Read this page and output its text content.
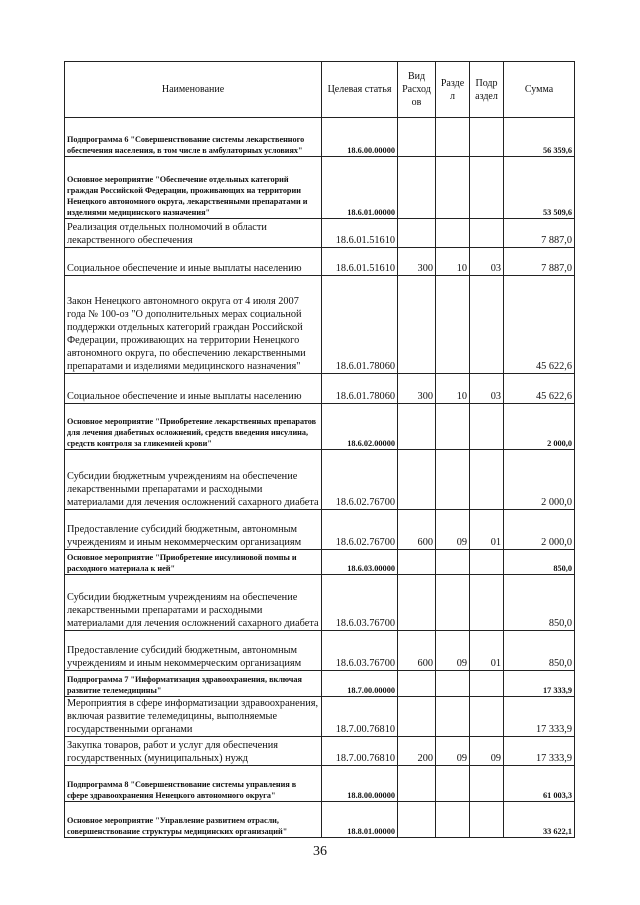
Наименование	Целевая статья	Вид Расход ов	Разде л	Подр аздел	Сумма
Подпрограмма 6 "Совершенствование системы лекарственного обеспечения населения, в том числе в амбулаторных условиях"	18.6.00.00000				56 359,6
Основное мероприятие "Обеспечение отдельных категорий граждан Российской Федерации, проживающих на территории Ненецкого автономного округа, лекарственными препаратами и изделиями медицинского назначения"	18.6.01.00000				53 509,6
Реализация отдельных полномочий в области лекарственного обеспечения	18.6.01.51610				7 887,0
Социальное обеспечение и иные выплаты населению	18.6.01.51610	300	10	03	7 887,0
Закон Ненецкого автономного округа от 4 июля 2007 года № 100-оз "О дополнительных мерах социальной поддержки отдельных категорий граждан Российской Федерации, проживающих на территории Ненецкого автономного округа, по обеспечению лекарственными препаратами и изделиями медицинского назначения"	18.6.01.78060				45 622,6
Социальное обеспечение и иные выплаты населению	18.6.01.78060	300	10	03	45 622,6
Основное мероприятие "Приобретение лекарственных препаратов для лечения диабетных осложнений, средств введения инсулина, средств контроля за гликемией крови"	18.6.02.00000				2 000,0
Субсидии бюджетным учреждениям на обеспечение лекарственными препаратами и расходными материалами для лечения осложнений сахарного диабета	18.6.02.76700				2 000,0
Предоставление субсидий бюджетным, автономным учреждениям и иным некоммерческим организациям	18.6.02.76700	600	09	01	2 000,0
Основное мероприятие "Приобретение инсулиновой помпы и расходного материала к ней"	18.6.03.00000				850,0
Субсидии бюджетным учреждениям на обеспечение лекарственными препаратами и расходными материалами для лечения осложнений сахарного диабета	18.6.03.76700				850,0
Предоставление субсидий бюджетным, автономным учреждениям и иным некоммерческим организациям	18.6.03.76700	600	09	01	850,0
Подпрограмма 7 "Информатизация здравоохранения, включая развитие телемедицины"	18.7.00.00000				17 333,9
Мероприятия в сфере информатизации здравоохранения, включая развитие телемедицины, выполняемые государственными органами	18.7.00.76810				17 333,9
Закупка товаров, работ и услуг для обеспечения государственных (муниципальных) нужд	18.7.00.76810	200	09	09	17 333,9
Подпрограмма 8 "Совершенствование системы управления в сфере здравоохранения Ненецкого автономного округа"	18.8.00.00000				61 003,3
Основное мероприятие "Управление развитием отрасли, совершенствование структуры медицинских организаций"	18.8.01.00000				33 622,1
36
